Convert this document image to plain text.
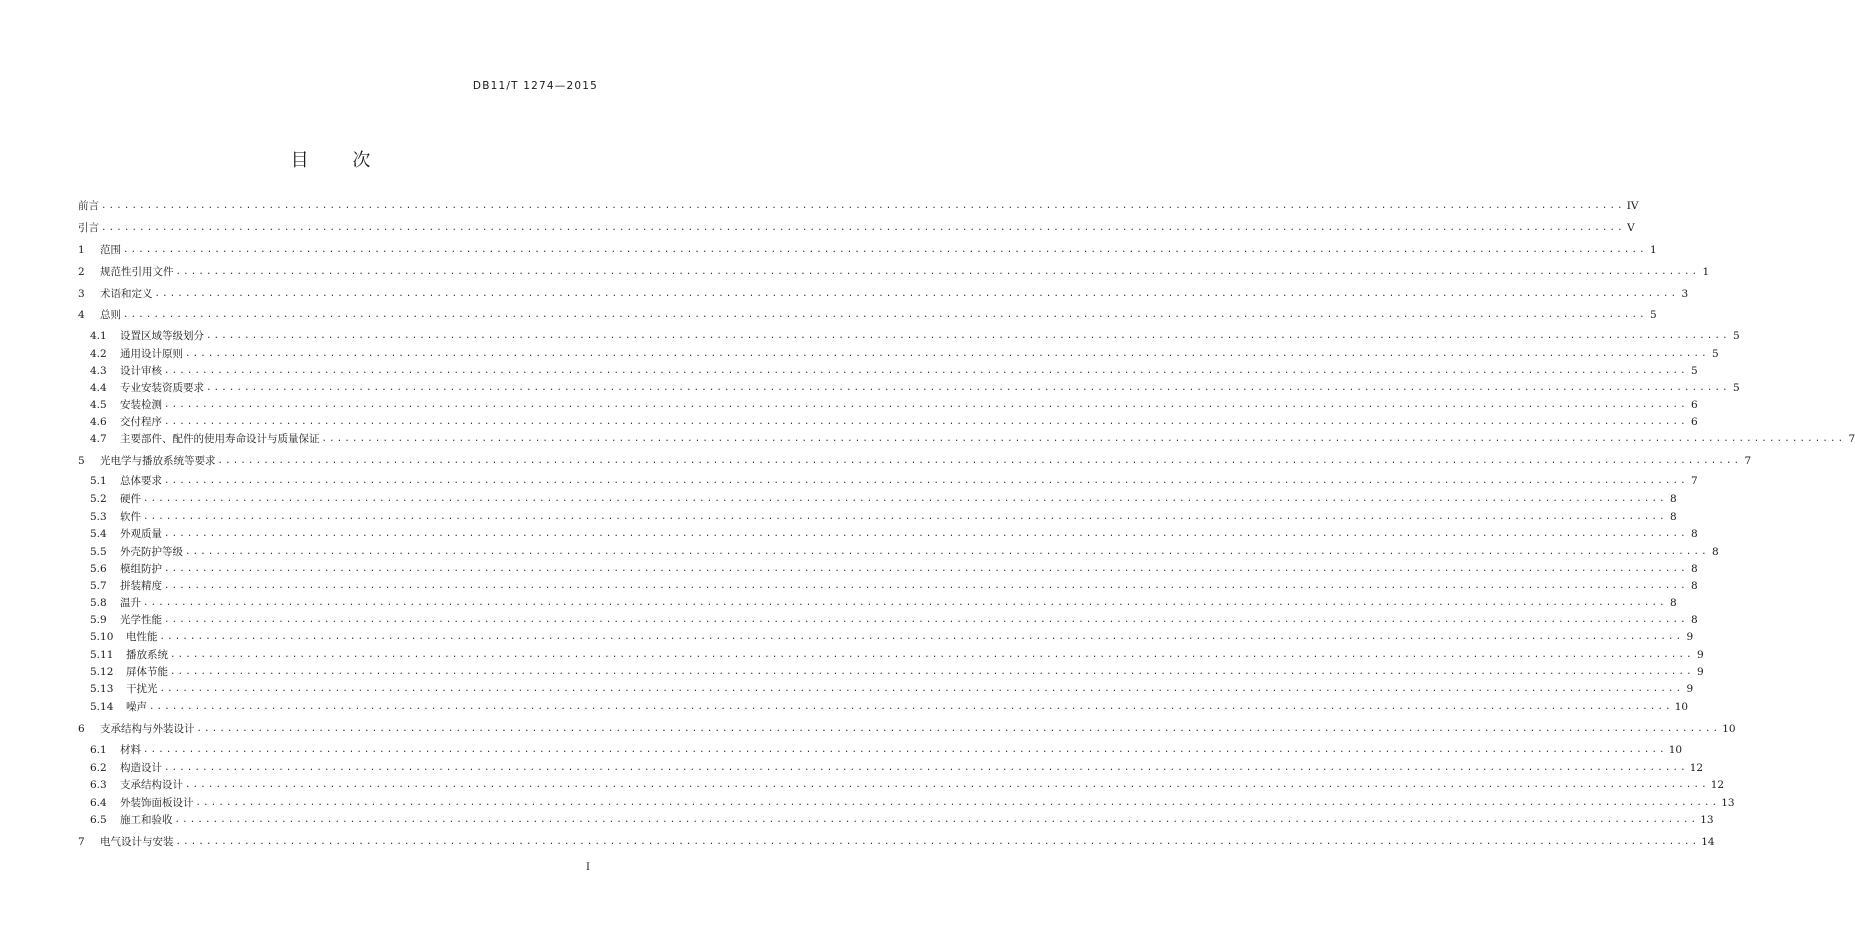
DB11/T 1274—2015
目 次
前言 ........................................................................................................................................................................................................ IV
引言 ........................................................................................................................................................................................................ V
1	范围 ........................................................................................................................................................................................................ 1
2	规范性引用文件 ........................................................................................................................................................................................................ 1
3	术语和定义 ........................................................................................................................................................................................................ 3
4	总则 ........................................................................................................................................................................................................ 5
4.1	设置区域等级划分 ........................................................................................................................................................................................................ 5
4.2	通用设计原则 ........................................................................................................................................................................................................ 5
4.3	设计审核 ........................................................................................................................................................................................................ 5
4.4	专业安装资质要求 ........................................................................................................................................................................................................ 5
4.5	安装检测 ........................................................................................................................................................................................................ 6
4.6	交付程序 ........................................................................................................................................................................................................ 6
4.7	主要部件、配件的使用寿命设计与质量保证 ........................................................................................................................................................................................................ 7
5	光电学与播放系统等要求 ........................................................................................................................................................................................................ 7
5.1	总体要求 ........................................................................................................................................................................................................ 7
5.2	硬件 ........................................................................................................................................................................................................ 8
5.3	软件 ........................................................................................................................................................................................................ 8
5.4	外观质量 ........................................................................................................................................................................................................ 8
5.5	外壳防护等级 ........................................................................................................................................................................................................ 8
5.6	模组防护 ........................................................................................................................................................................................................ 8
5.7	拼装精度 ........................................................................................................................................................................................................ 8
5.8	温升 ........................................................................................................................................................................................................ 8
5.9	光学性能 ........................................................................................................................................................................................................ 8
5.10	电性能 ........................................................................................................................................................................................................ 9
5.11	播放系统 ........................................................................................................................................................................................................ 9
5.12	屏体节能 ........................................................................................................................................................................................................ 9
5.13	干扰光 ........................................................................................................................................................................................................ 9
5.14	噪声 ........................................................................................................................................................................................................ 10
6	支承结构与外装设计 ........................................................................................................................................................................................................ 10
6.1	材料 ........................................................................................................................................................................................................ 10
6.2	构造设计 ........................................................................................................................................................................................................ 12
6.3	支承结构设计 ........................................................................................................................................................................................................ 12
6.4	外装饰面板设计 ........................................................................................................................................................................................................ 13
6.5	施工和验收 ........................................................................................................................................................................................................ 13
7	电气设计与安装 ........................................................................................................................................................................................................ 14
I
